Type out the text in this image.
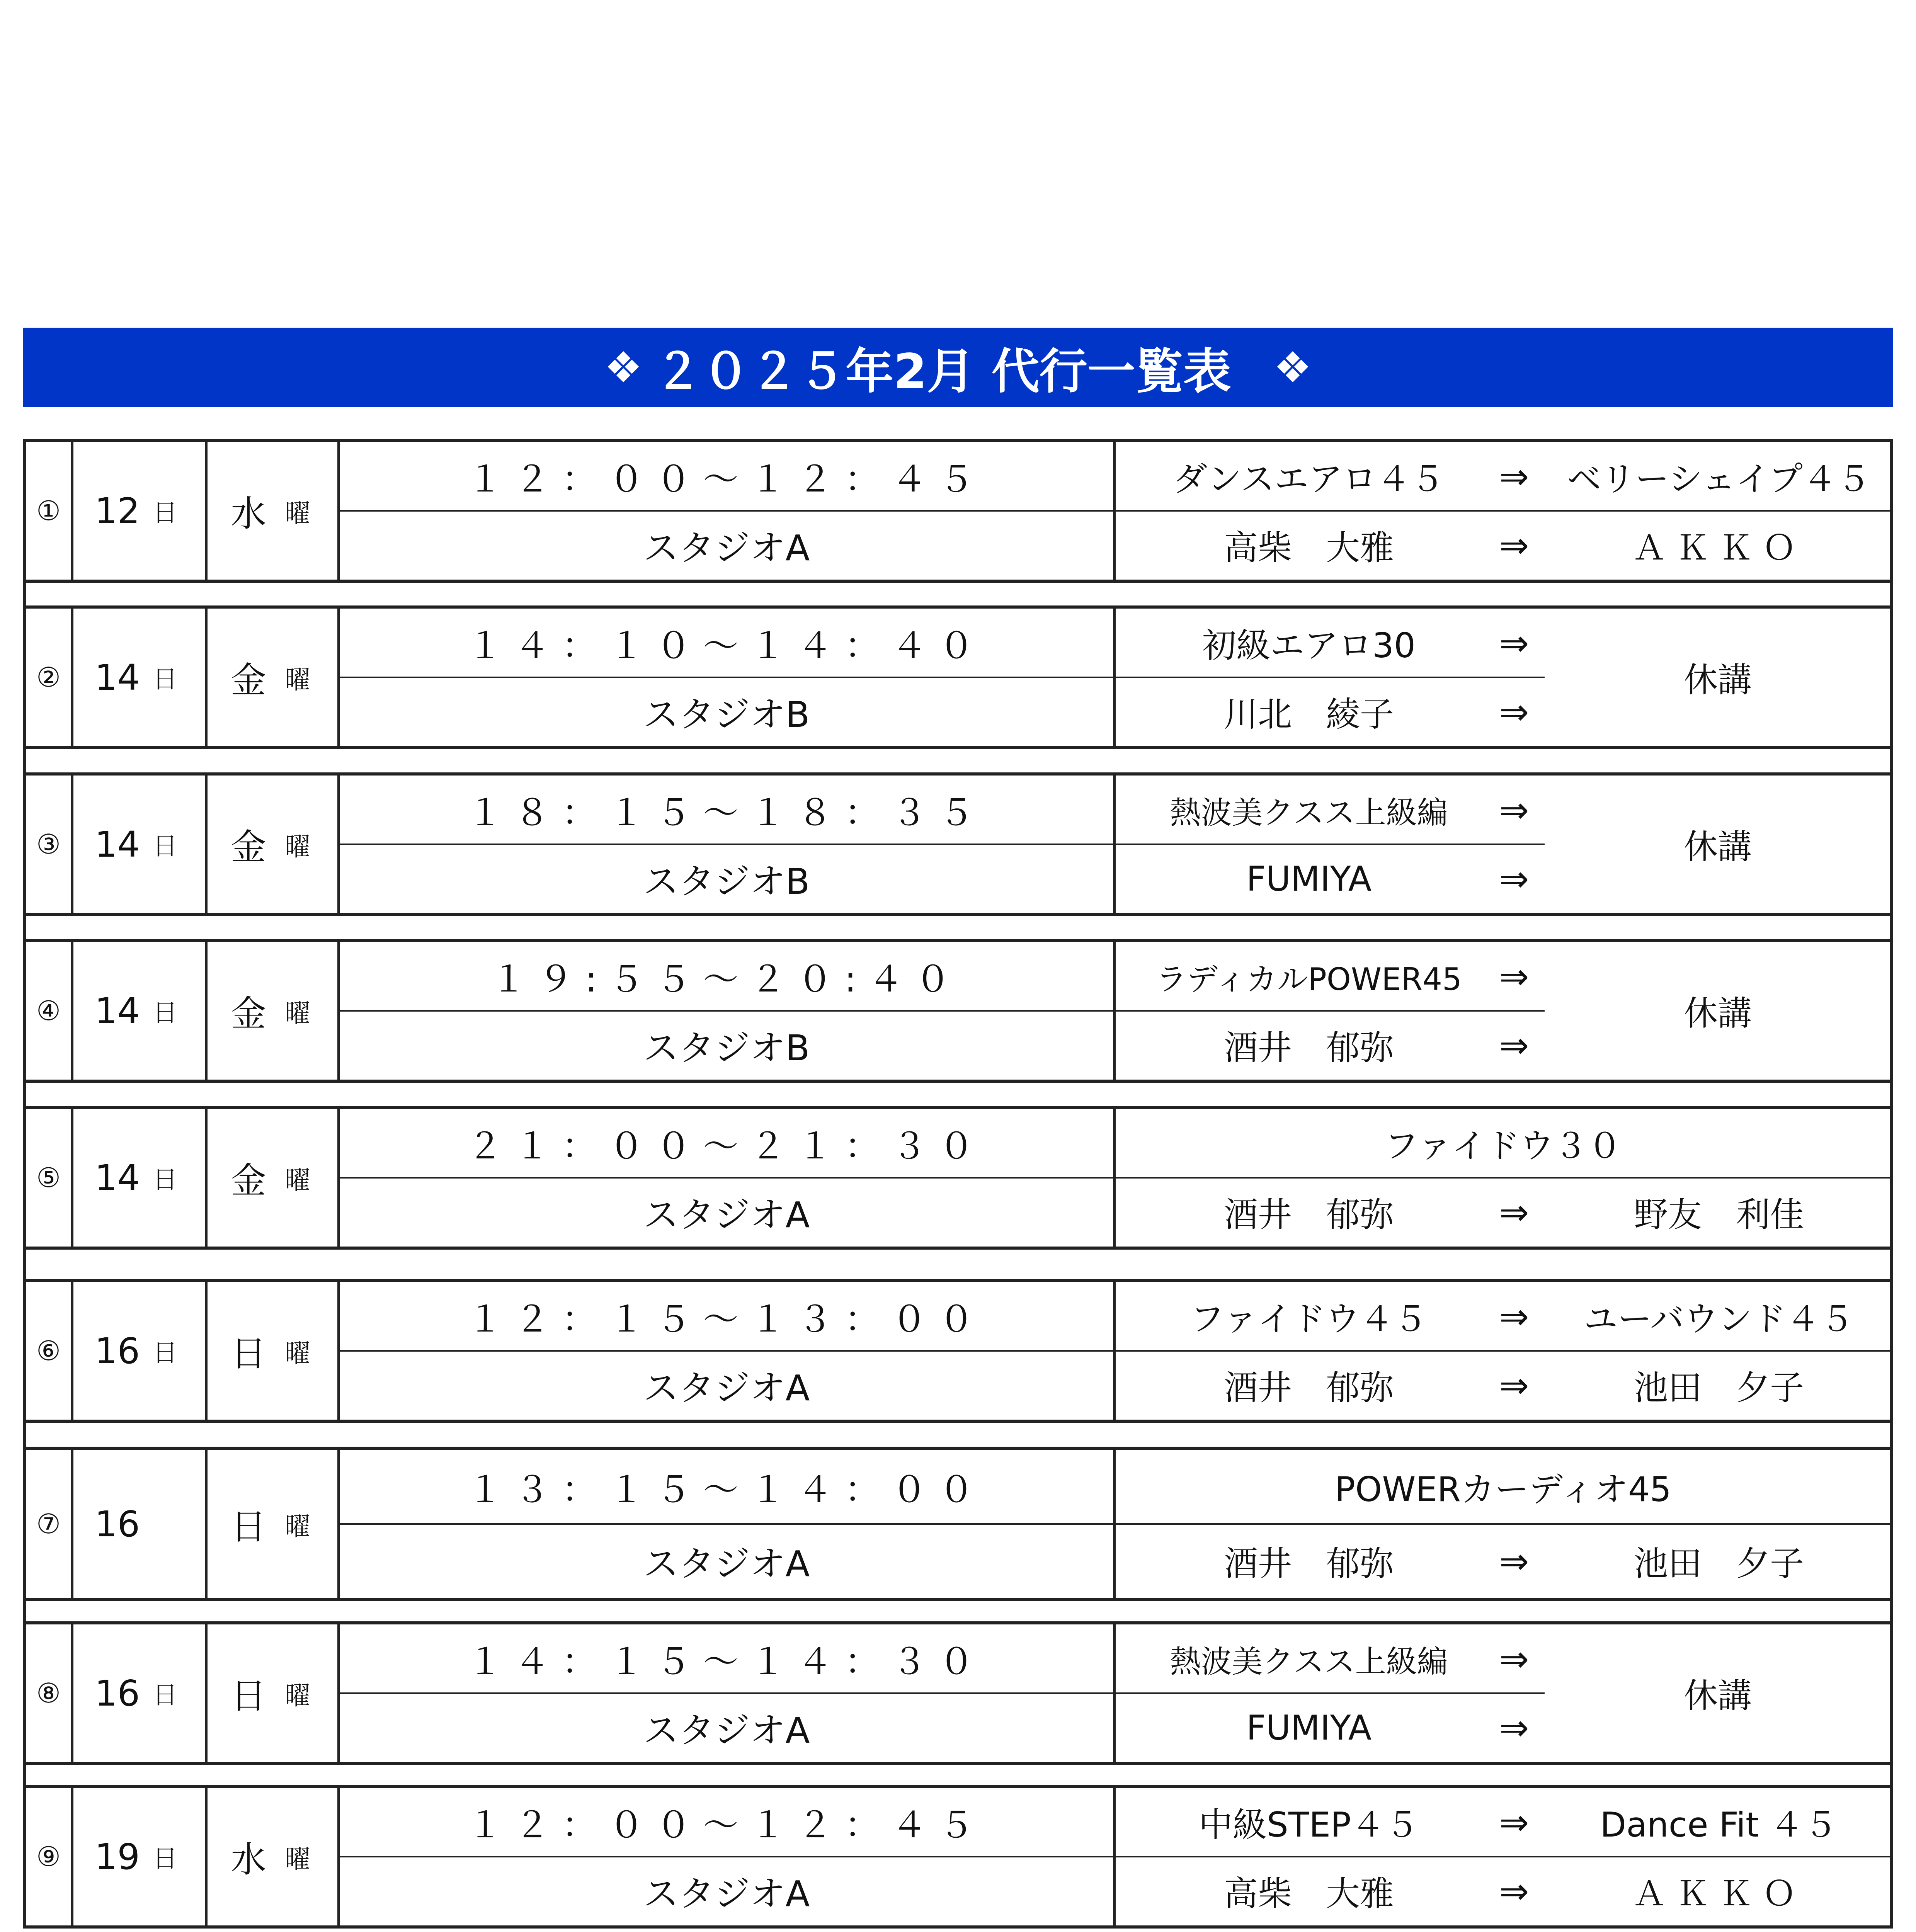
❖ ２０２５年2月 代行一覧表 ❖
① 12 日 水 曜
１２：００～１２：４５
スタジオA
ダンスエアロ４５	⇒	ベリーシェイプ４５
高柴　大雅	⇒	ＡＫＫＯ
② 14 日 金 曜
１４：１０～１４：４０
スタジオB
初級エアロ30	⇒
川北　綾子	⇒
休講
③ 14 日 金 曜
１８：１５～１８：３５
スタジオB
熱波美クスス上級編	⇒
FUMIYA	⇒
休講
④ 14 日 金 曜
１９:５５～２０:４０
スタジオB
ラディカルPOWER45	⇒
酒井　郁弥	⇒
休講
⑤ 14 日 金 曜
２１：００～２１：３０
スタジオA
ファイドウ３０
酒井　郁弥	⇒	野友　利佳
⑥ 16 日 日 曜
１２：１５～１３：００
スタジオA
ファイドウ４５	⇒	ユーバウンド４５
酒井　郁弥	⇒	池田　夕子
⑦ 16	日 曜
１３：１５～１４：００
スタジオA
POWERカーディオ45
酒井　郁弥	⇒	池田　夕子
⑧ 16 日 日 曜
１４：１５～１４：３０
スタジオA
熱波美クスス上級編	⇒
FUMIYA	⇒
休講
⑨ 19 日 水 曜
１２：００～１２：４５
スタジオA
中級STEP４５	⇒	Dance Fit ４５
高柴　大雅	⇒	ＡＫＫＯ
